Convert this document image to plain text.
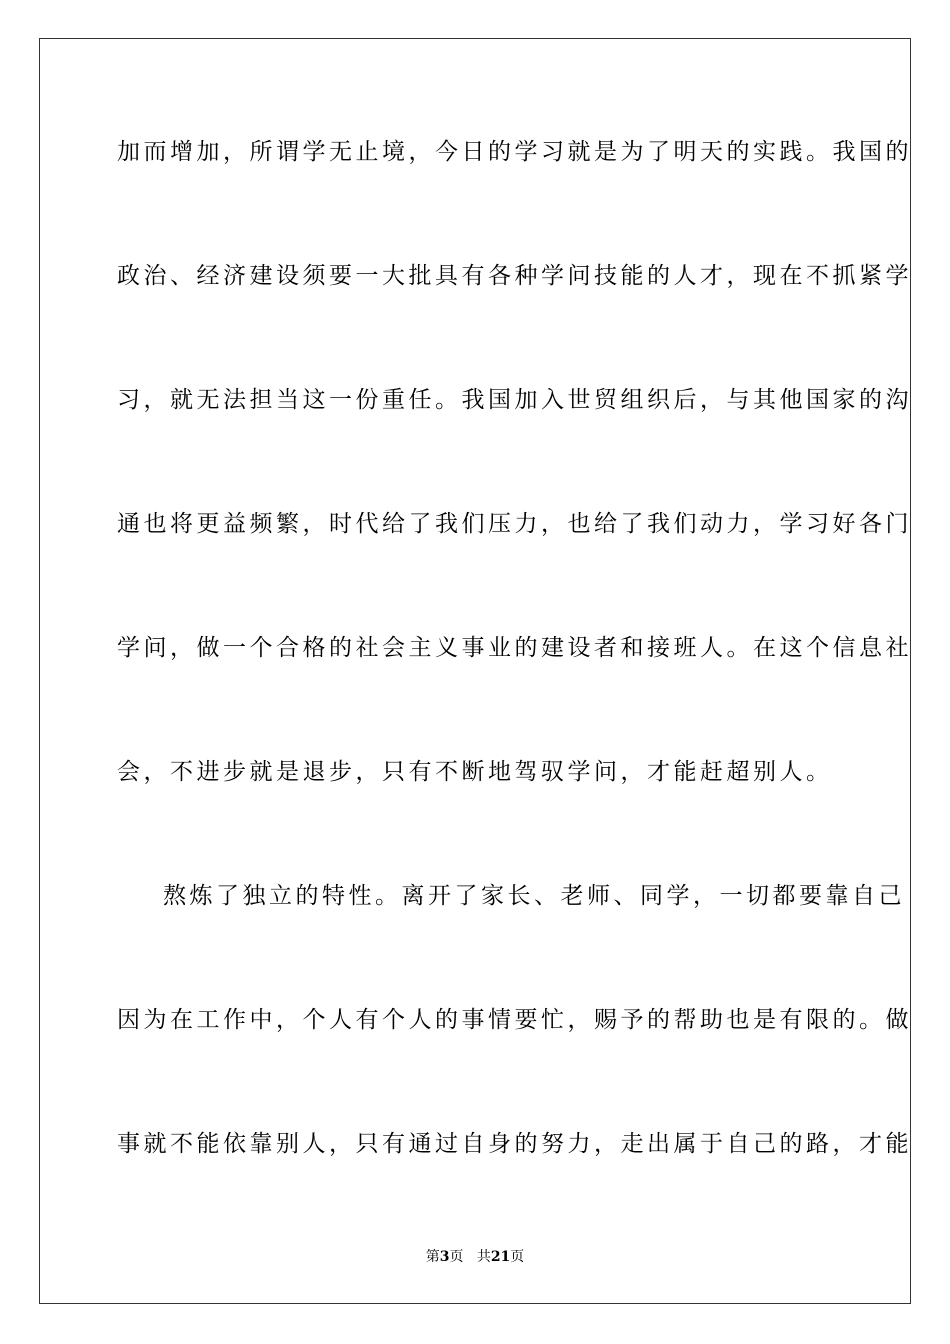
加而增加，所谓学无止境，今日的学习就是为了明天的实践。我国的
政治、经济建设须要一大批具有各种学问技能的人才，现在不抓紧学
习，就无法担当这一份重任。我国加入世贸组织后，与其他国家的沟
通也将更益频繁，时代给了我们压力，也给了我们动力，学习好各门
学问，做一个合格的社会主义事业的建设者和接班人。在这个信息社
会，不进步就是退步，只有不断地驾驭学问，才能赶超别人。
熬炼了独立的特性。离开了家长、老师、同学，一切都要靠自己
因为在工作中，个人有个人的事情要忙，赐予的帮助也是有限的。做
事就不能依靠别人，只有通过自身的努力，走出属于自己的路，才能
第3页 共21页
